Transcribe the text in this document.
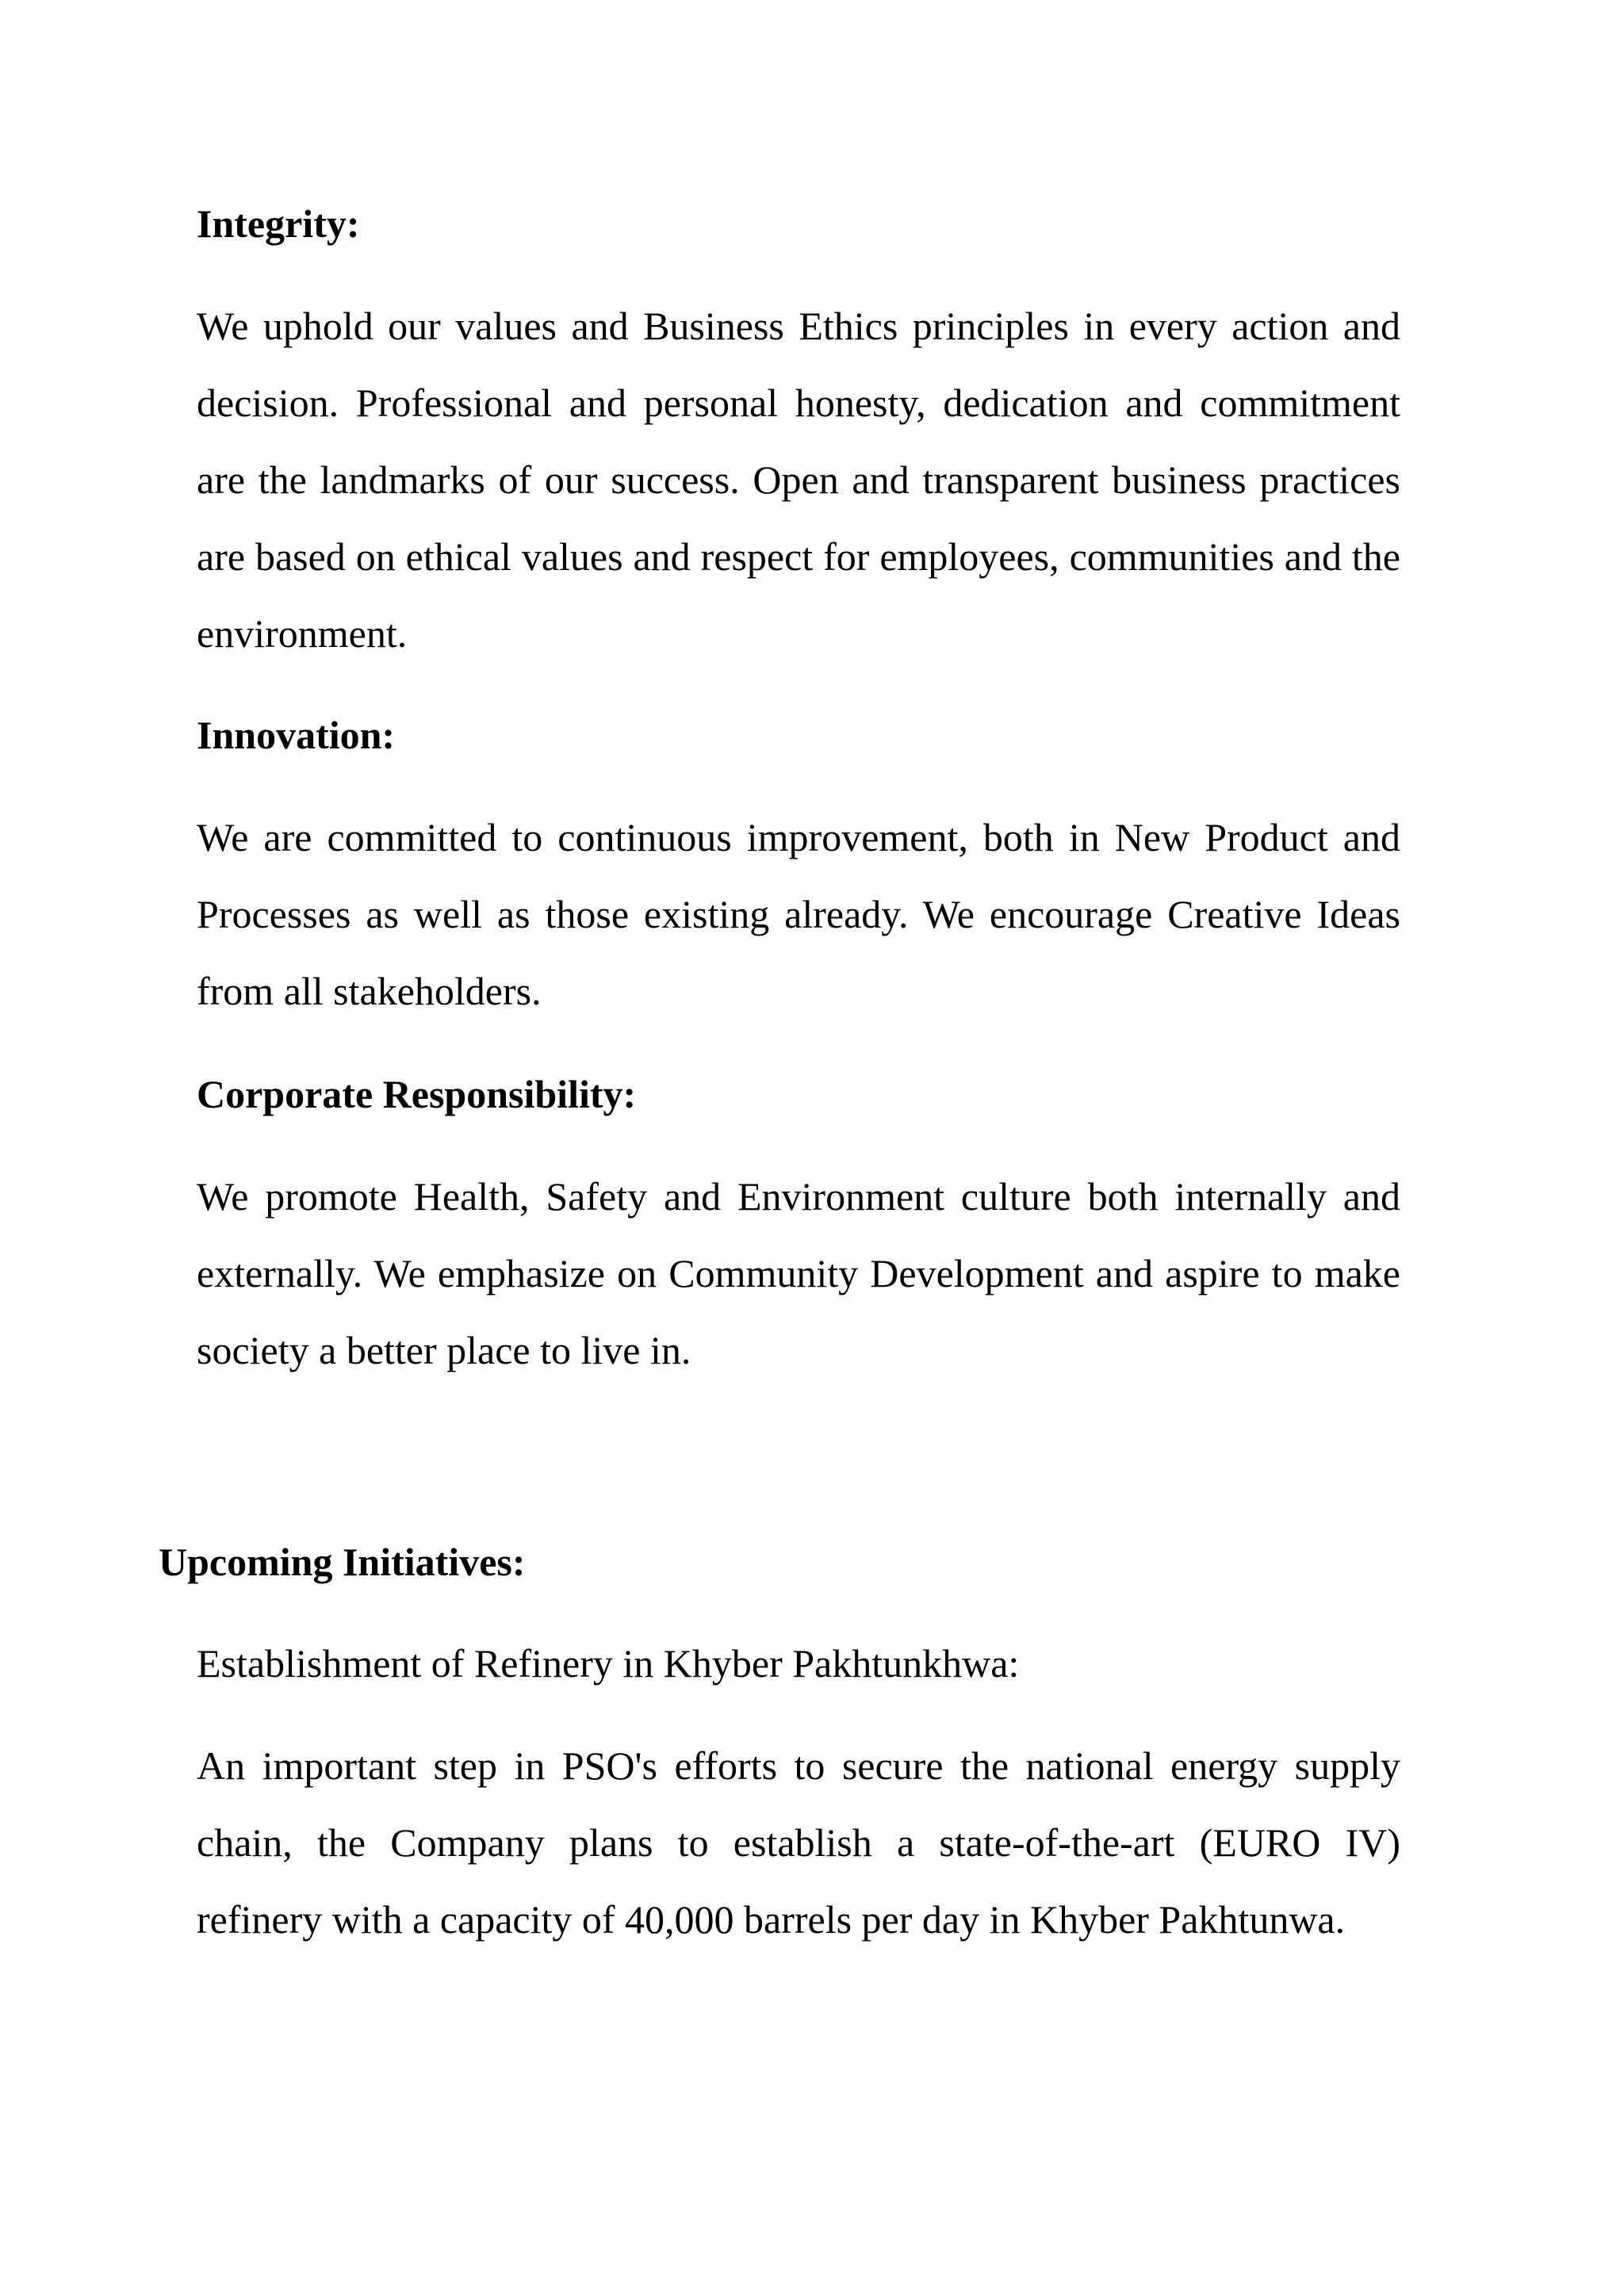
Integrity:
We uphold our values and Business Ethics principles in every action and decision. Professional and personal honesty, dedication and commitment are the landmarks of our success. Open and transparent business practices are based on ethical values and respect for employees, communities and the environment.
Innovation:
We are committed to continuous improvement, both in New Product and Processes as well as those existing already. We encourage Creative Ideas from all stakeholders.
Corporate Responsibility:
We promote Health, Safety and Environment culture both internally and externally. We emphasize on Community Development and aspire to make society a better place to live in.
Upcoming Initiatives:
Establishment of Refinery in Khyber Pakhtunkhwa:
An important step in PSO's efforts to secure the national energy supply chain, the Company plans to establish a state-of-the-art (EURO IV) refinery with a capacity of 40,000 barrels per day in Khyber Pakhtunwa.
